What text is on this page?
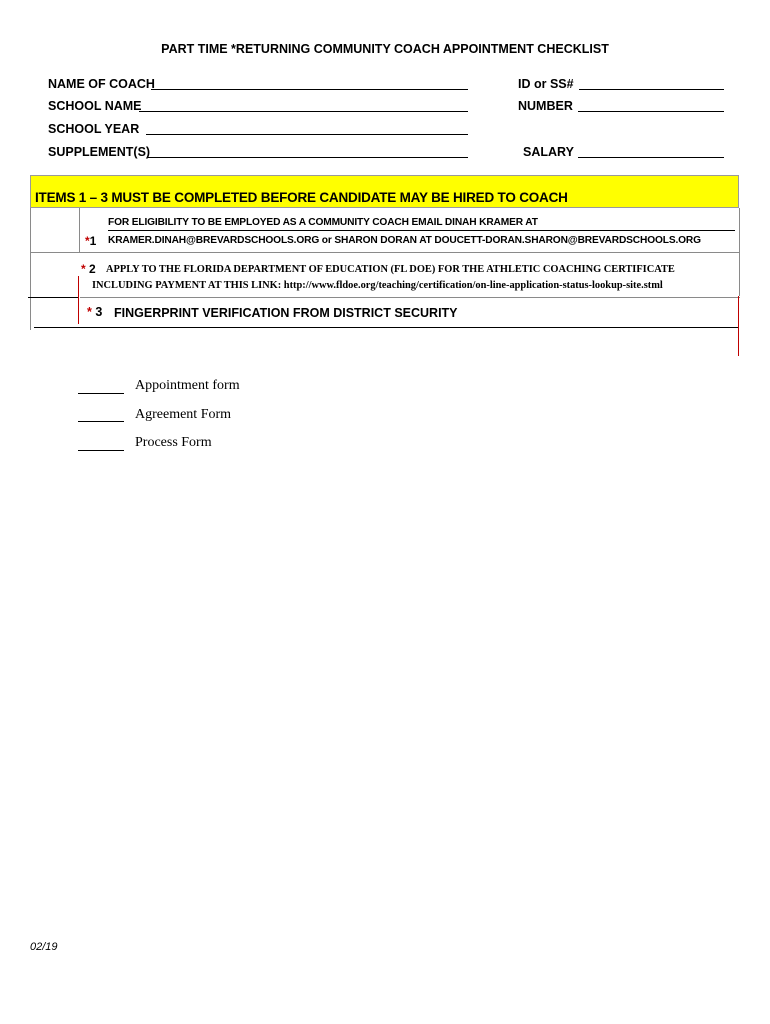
PART TIME *RETURNING COMMUNITY COACH APPOINTMENT CHECKLIST
NAME OF COACH
SCHOOL NAME
SCHOOL YEAR
SUPPLEMENT(S)
ID or SS#
NUMBER
SALARY
ITEMS 1 – 3 MUST BE COMPLETED BEFORE CANDIDATE MAY BE HIRED TO COACH
FOR ELIGIBILITY TO BE EMPLOYED AS A COMMUNITY COACH EMAIL DINAH KRAMER AT
*1 KRAMER.DINAH@BREVARDSCHOOLS.ORG or SHARON DORAN AT DOUCETT-DORAN.SHARON@BREVARDSCHOOLS.ORG
* 2 APPLY TO THE FLORIDA DEPARTMENT OF EDUCATION (FL DOE) FOR THE ATHLETIC COACHING CERTIFICATE
INCLUDING PAYMENT AT THIS LINK: http://www.fldoe.org/teaching/certification/on-line-application-status-lookup-site.stml
* 3 FINGERPRINT VERIFICATION FROM DISTRICT SECURITY
Appointment form
Agreement Form
Process Form
02/19
